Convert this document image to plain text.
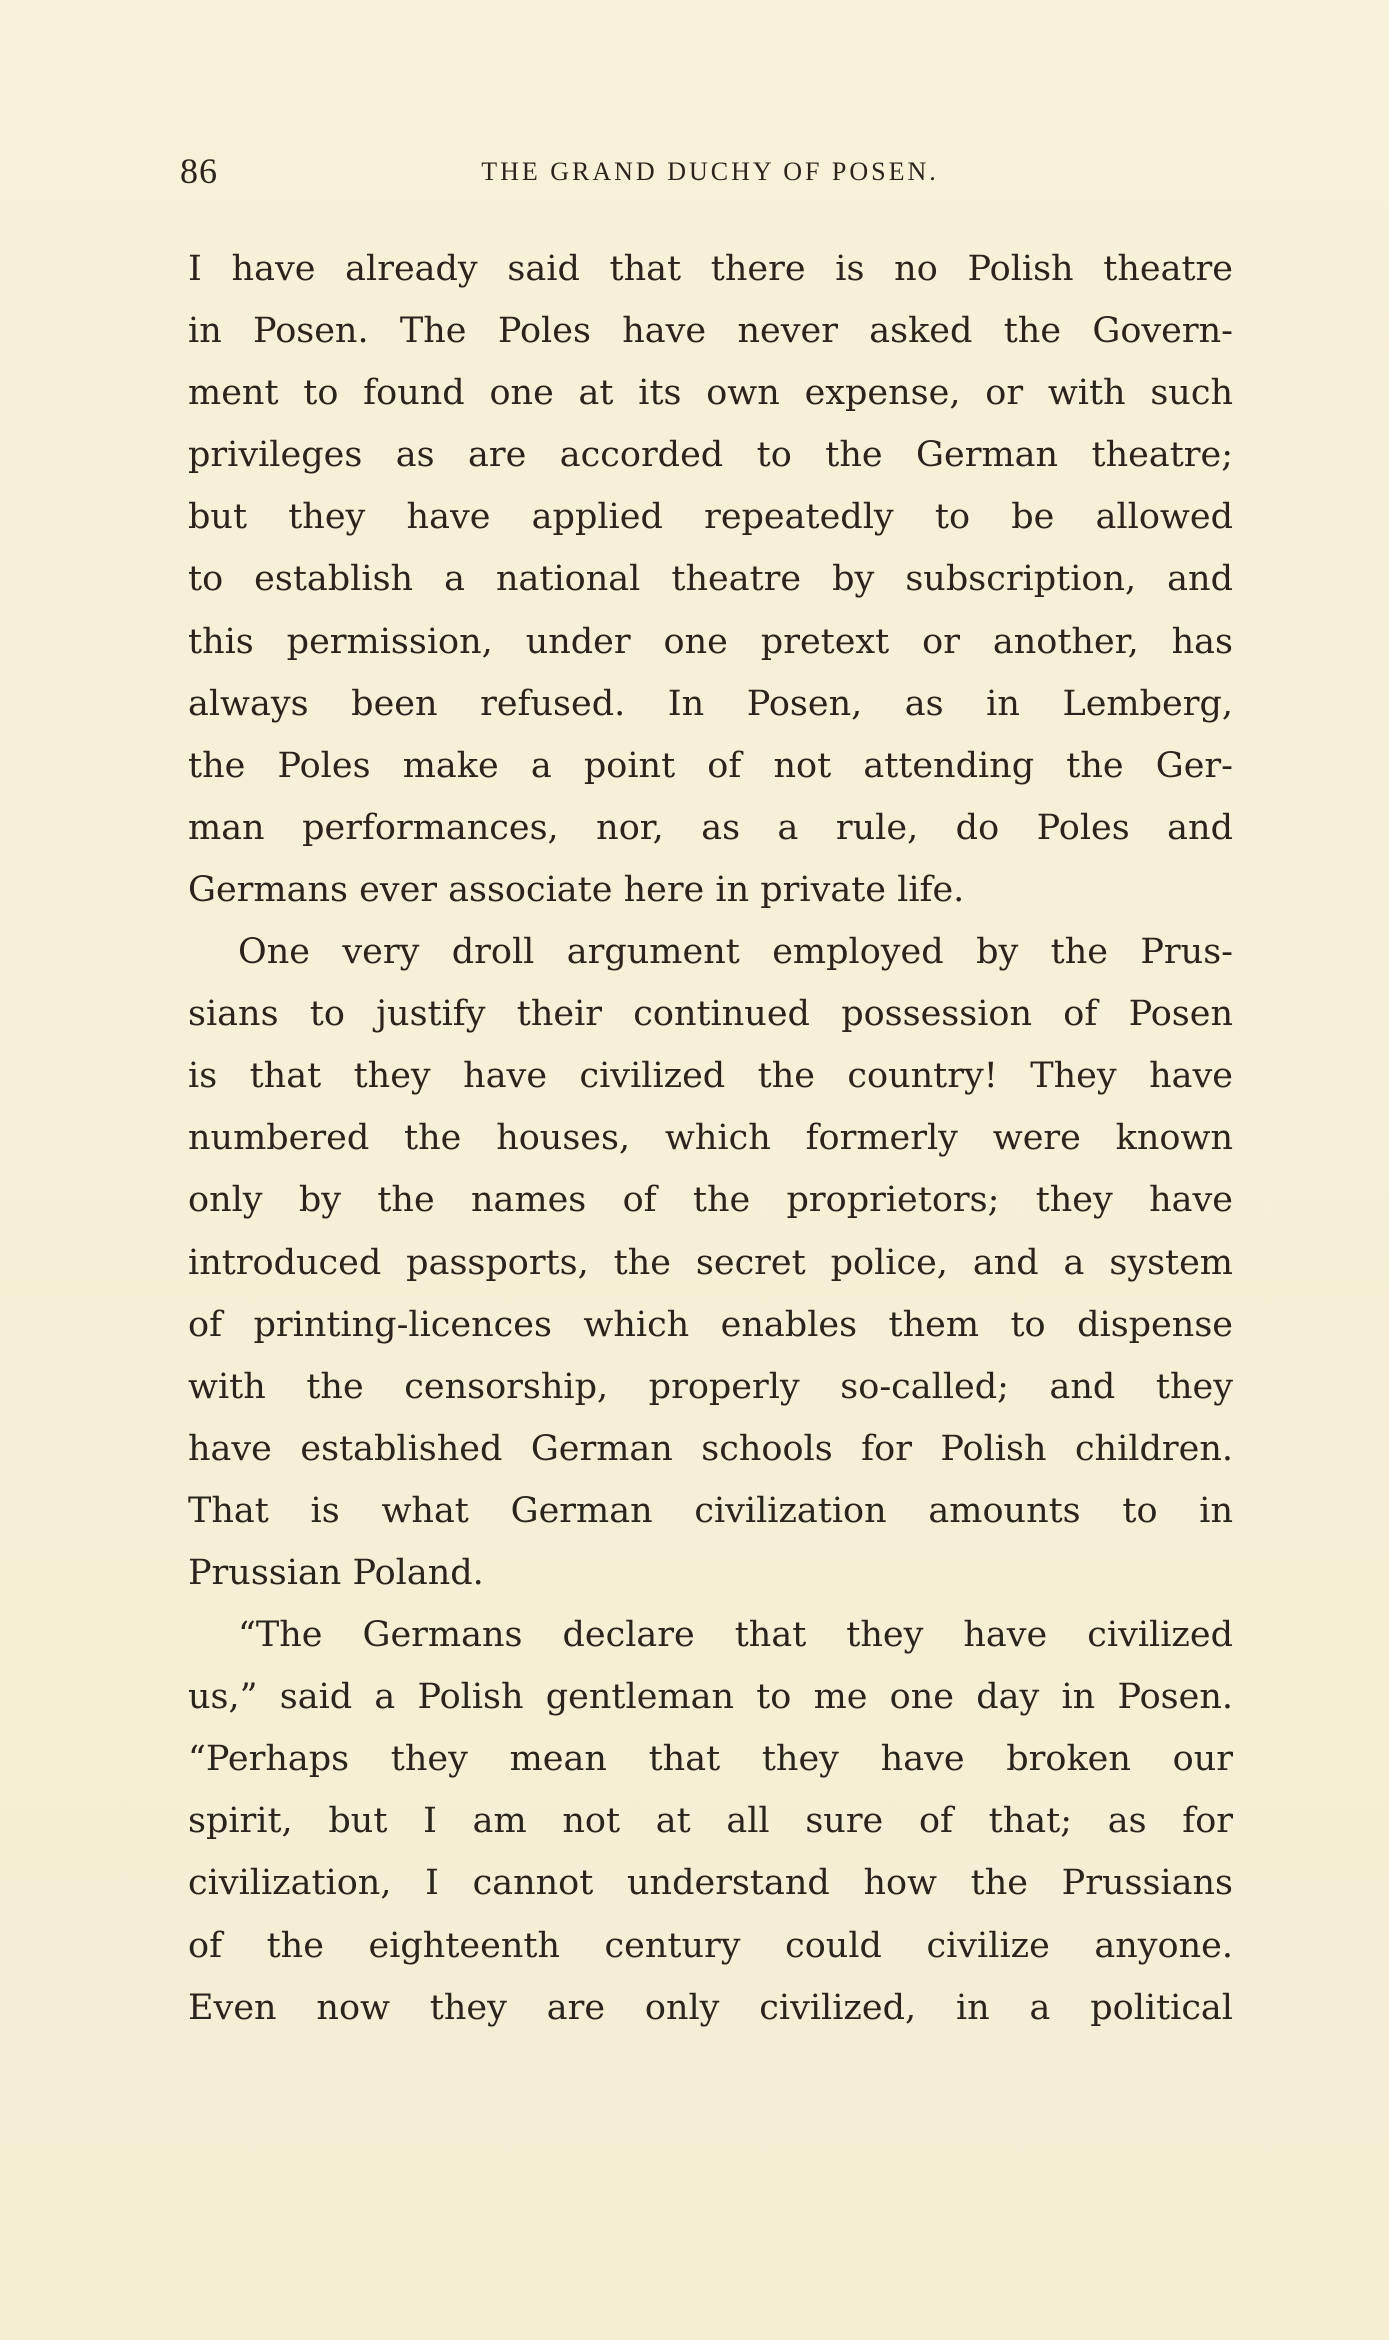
86	THE GRAND DUCHY OF POSEN.
I have already said that there is no Polish theatre
in Posen. The Poles have never asked the Govern-
ment to found one at its own expense, or with such
privileges as are accorded to the German theatre;
but they have applied repeatedly to be allowed
to establish a national theatre by subscription, and
this permission, under one pretext or another, has
always been refused. In Posen, as in Lemberg,
the Poles make a point of not attending the Ger-
man performances, nor, as a rule, do Poles and
Germans ever associate here in private life.
One very droll argument employed by the Prus-
sians to justify their continued possession of Posen
is that they have civilized the country! They have
numbered the houses, which formerly were known
only by the names of the proprietors; they have
introduced passports, the secret police, and a system
of printing-licences which enables them to dispense
with the censorship, properly so-called; and they
have established German schools for Polish children.
That is what German civilization amounts to in
Prussian Poland.
“The Germans declare that they have civilized
us,” said a Polish gentleman to me one day in Posen.
“Perhaps they mean that they have broken our
spirit, but I am not at all sure of that; as for
civilization, I cannot understand how the Prussians
of the eighteenth century could civilize anyone.
Even now they are only civilized, in a political
